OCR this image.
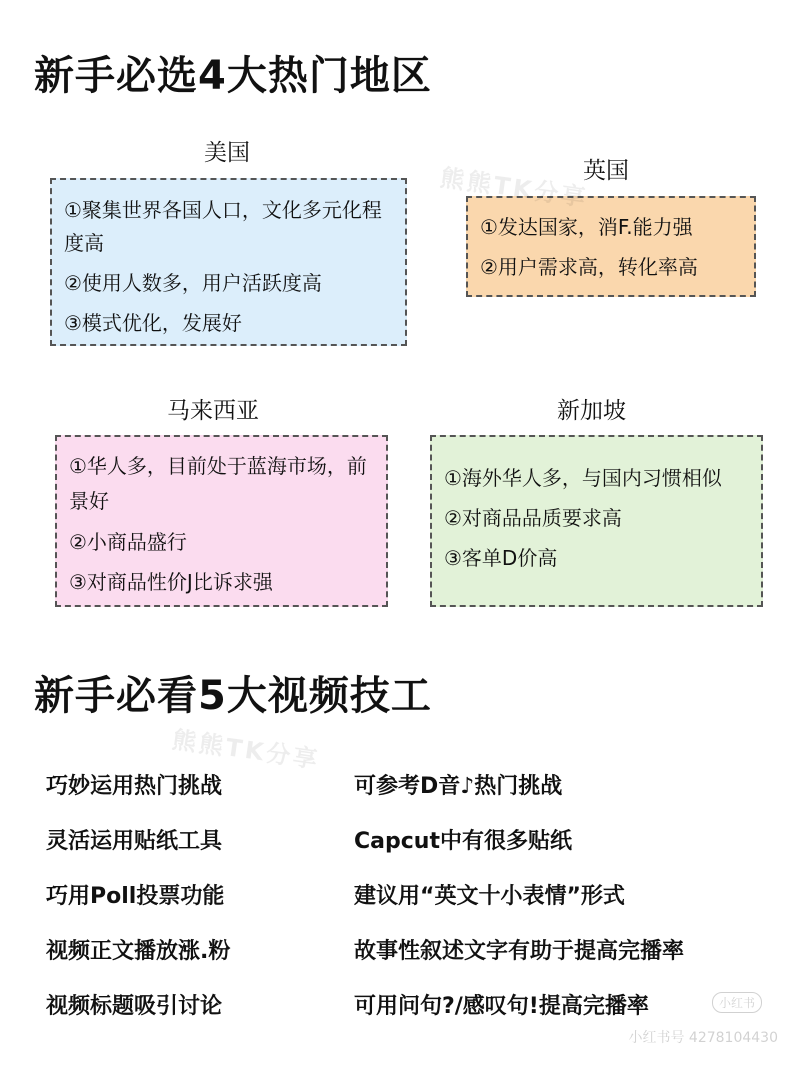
新手必选4大热门地区
美国
①聚集世界各国人口，文化多元化程度高
②使用人数多，用户活跃度高
③模式优化，发展好
英国
①发达国家，消F.能力强
②用户需求高，转化率高
马来西亚
①华人多，目前处于蓝海市场，前景好
②小商品盛行
③对商品性价J比诉求强
新加坡
①海外华人多，与国内习惯相似
②对商品品质要求高
③客单D价高
新手必看5大视频技工
巧妙运用热门挑战	可参考D音♪热门挑战
灵活运用贴纸工具	Capcut中有很多贴纸
巧用Poll投票功能	建议用“英文十小表情”形式
视频正文播放涨.粉	故事性叙述文字有助于提高完播率
视频标题吸引讨论	可用问句?/感叹句!提高完播率
熊熊TK分享
熊熊TK分享
小红书
小红书号 4278104430
